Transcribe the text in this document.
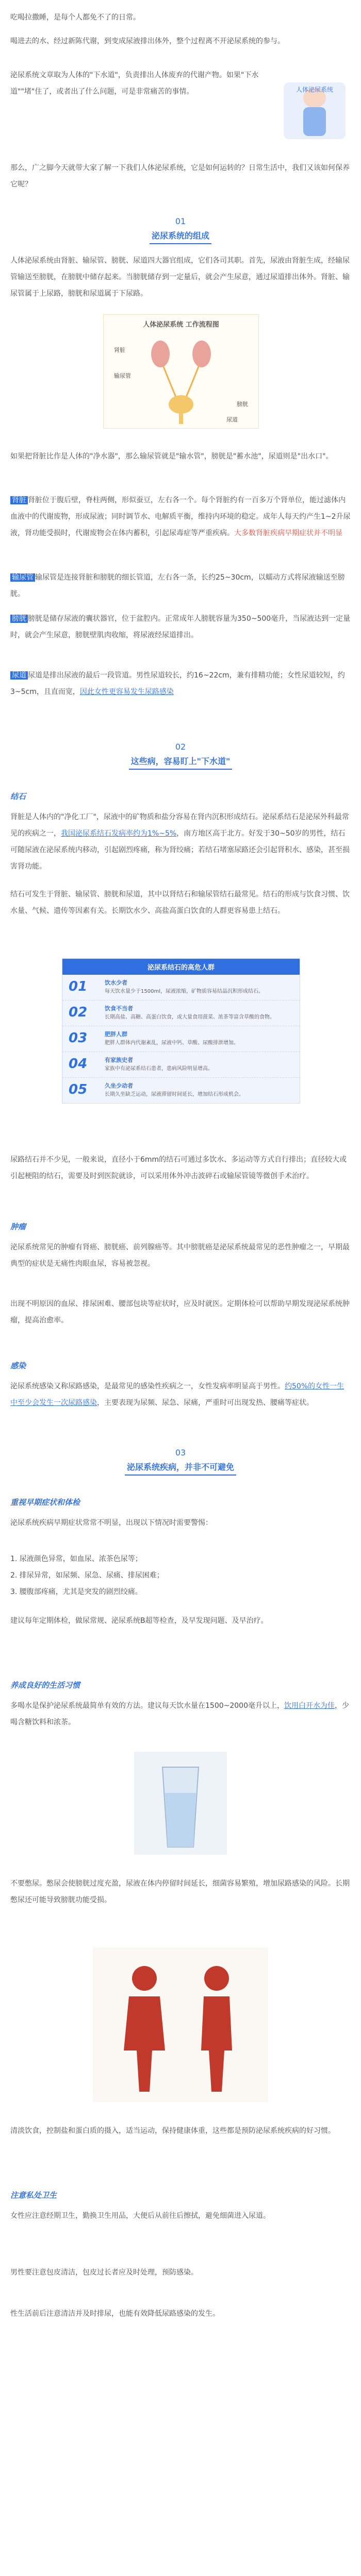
吃喝拉撒睡，是每个人都免不了的日常。

喝进去的水、经过新陈代谢，到变成尿液排出体外，整个过程离不开泌尿系统的参与。

泌尿系统文章取为人体的"下水道"，负责排出人体废弃的代谢产物。如果"下水道""堵"住了，或者出了什么问题，可是非常痛苦的事情。	人体泌尿系统

那么，广之脚今天就带大家了解一下我们人体泌尿系统，它是如何运转的？日常生活中，我们又该如何保养它呢？

01
泌尿系统的组成

人体泌尿系统由肾脏、输尿管、膀胱、尿道四大器官组成，它们各司其职。首先，尿液由肾脏生成，经输尿管输送至膀胱，在膀胱中储存起来。当膀胱储存到一定量后，就会产生尿意，通过尿道排出体外。肾脏、输尿管属于上尿路，膀胱和尿道属于下尿路。

人体泌尿系统 工作流程图
肾脏
输尿管
膀胱
尿道

如果把肾脏比作是人体的"净水器"，那么输尿管就是"输水管"，膀胱是"蓄水池"，尿道则是"出水口"。

肾脏 肾脏位于腹后壁，脊柱两侧，形似蚕豆，左右各一个。每个肾脏约有一百多万个肾单位，能过滤体内血液中的代谢废物，形成尿液；同时调节水、电解质平衡，维持内环境的稳定。成年人每天约产生1~2升尿液，肾功能受损时，代谢废物会在体内蓄积，引起尿毒症等严重疾病。大多数肾脏疾病早期症状并不明显

输尿管 输尿管是连接肾脏和膀胱的细长管道，左右各一条，长约25~30cm，以蠕动方式将尿液输送至膀胱。

膀胱 膀胱是储存尿液的囊状器官，位于盆腔内。正常成年人膀胱容量为350~500毫升，当尿液达到一定量时，就会产生尿意，膀胱壁肌肉收缩，将尿液经尿道排出。

尿道 尿道是排出尿液的最后一段管道。男性尿道较长，约16~22cm，兼有排精功能；女性尿道较短，约3~5cm，且直而宽，因此女性更容易发生尿路感染

02
这些病，容易盯上"下水道"
结石

肾脏是人体内的"净化工厂"，尿液中的矿物质和盐分容易在肾内沉积形成结石。泌尿系结石是泌尿外科最常见的疾病之一，我国泌尿系结石发病率约为1%~5%，南方地区高于北方。好发于30~50岁的男性，结石可随尿液在泌尿系统内移动，引起剧烈疼痛，称为肾绞痛；若结石堵塞尿路还会引起肾积水、感染，甚至损害肾功能。

结石可发生于肾脏、输尿管、膀胱和尿道，其中以肾结石和输尿管结石最常见。结石的形成与饮食习惯、饮水量、气候、遗传等因素有关。长期饮水少、高盐高蛋白饮食的人群更容易患上结石。

泌尿系结石的高危人群
01	饮水少者
每天饮水量少于1500ml，尿液浓缩，矿物质容易结晶沉积形成结石。
02	饮食不当者
长期高盐、高糖、高蛋白饮食，或大量食用菠菜、浓茶等富含草酸的食物。
03	肥胖人群
肥胖人群体内代谢紊乱，尿液中钙、草酸、尿酸排泄增加。
04	有家族史者
家族中有泌尿系结石患者，患病风险明显增高。
05	久坐少动者
长期久坐缺乏运动，尿液滞留时间延长，增加结石形成机会。

尿路结石并不少见，一般来说，直径小于6mm的结石可通过多饮水、多运动等方式自行排出；直径较大或引起梗阻的结石，需要及时到医院就诊，可以采用体外冲击波碎石或输尿管镜等微创手术治疗。

肿瘤

泌尿系统常见的肿瘤有肾癌、膀胱癌、前列腺癌等。其中膀胱癌是泌尿系统最常见的恶性肿瘤之一，早期最典型的症状是无痛性肉眼血尿，容易被忽视。

出现不明原因的血尿、排尿困难、腰部包块等症状时，应及时就医。定期体检可以帮助早期发现泌尿系统肿瘤，提高治愈率。

感染

泌尿系统感染又称尿路感染，是最常见的感染性疾病之一，女性发病率明显高于男性。约50%的女性一生中至少会发生一次尿路感染，主要表现为尿频、尿急、尿痛，严重时可出现发热、腰痛等症状。

03
泌尿系统疾病，并非不可避免
重视早期症状和体检

泌尿系统疾病早期症状常常不明显，出现以下情况时需要警惕：

1. 尿液颜色异常，如血尿、浓茶色尿等；

2. 排尿异常，如尿频、尿急、尿痛、排尿困难；

3. 腰腹部疼痛，尤其是突发的剧烈绞痛。

建议每年定期体检，做尿常规、泌尿系统B超等检查，及早发现问题、及早治疗。

养成良好的生活习惯

多喝水是保护泌尿系统最简单有效的方法。建议每天饮水量在1500~2000毫升以上，饮用白开水为佳，少喝含糖饮料和浓茶。

不要憋尿。憋尿会使膀胱过度充盈，尿液在体内停留时间延长，细菌容易繁殖，增加尿路感染的风险。长期憋尿还可能导致膀胱功能受损。

清淡饮食，控制盐和蛋白质的摄入，适当运动，保持健康体重，这些都是预防泌尿系统疾病的好习惯。

注意私处卫生

女性应注意经期卫生，勤换卫生用品，大便后从前往后擦拭，避免细菌进入尿道。

男性要注意包皮清洁，包皮过长者应及时处理，预防感染。

性生活前后注意清洁并及时排尿，也能有效降低尿路感染的发生。
